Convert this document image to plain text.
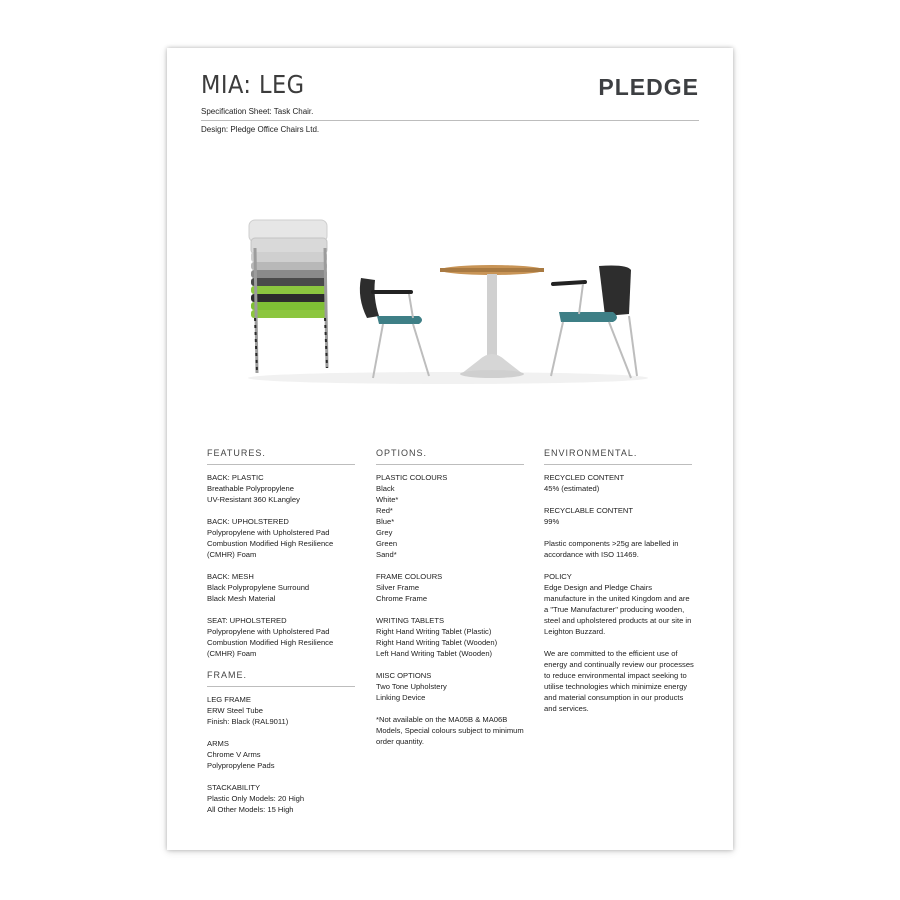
MIA: LEG	PLEDGE
Specification Sheet: Task Chair.
Design: Pledge Office Chairs Ltd.
FEATURES.
BACK: PLASTIC
Breathable Polypropylene
UV-Resistant 360 KLangley
BACK: UPHOLSTERED
Polypropylene with Upholstered Pad
Combustion Modified High Resilience
(CMHR) Foam
BACK: MESH
Black Polypropylene Surround
Black Mesh Material
SEAT: UPHOLSTERED
Polypropylene with Upholstered Pad
Combustion Modified High Resilience
(CMHR) Foam
FRAME.
LEG FRAME
ERW Steel Tube
Finish: Black (RAL9011)
ARMS
Chrome V Arms
Polypropylene Pads
STACKABILITY
Plastic Only Models: 20 High
All Other Models: 15 High
OPTIONS.
PLASTIC COLOURS
Black
White*
Red*
Blue*
Grey
Green
Sand*
FRAME COLOURS
Silver Frame
Chrome Frame
WRITING TABLETS
Right Hand Writing Tablet (Plastic)
Right Hand Writing Tablet (Wooden)
Left Hand Writing Tablet (Wooden)
MISC OPTIONS
Two Tone Upholstery
Linking Device
*Not available on the MA05B & MA06B Models, Special colours subject to minimum order quantity.
ENVIRONMENTAL.
RECYCLED CONTENT
45% (estimated)
RECYCLABLE CONTENT
99%
Plastic components >25g are labelled in accordance with ISO 11469.
POLICY
Edge Design and Pledge Chairs manufacture in the united Kingdom and are a "True Manufacturer" producing wooden, steel and upholstered products at our site in Leighton Buzzard.
We are committed to the efficient use of energy and continually review our processes to reduce environmental impact seeking to utilise technologies which minimize energy and material consumption in our products and services.
